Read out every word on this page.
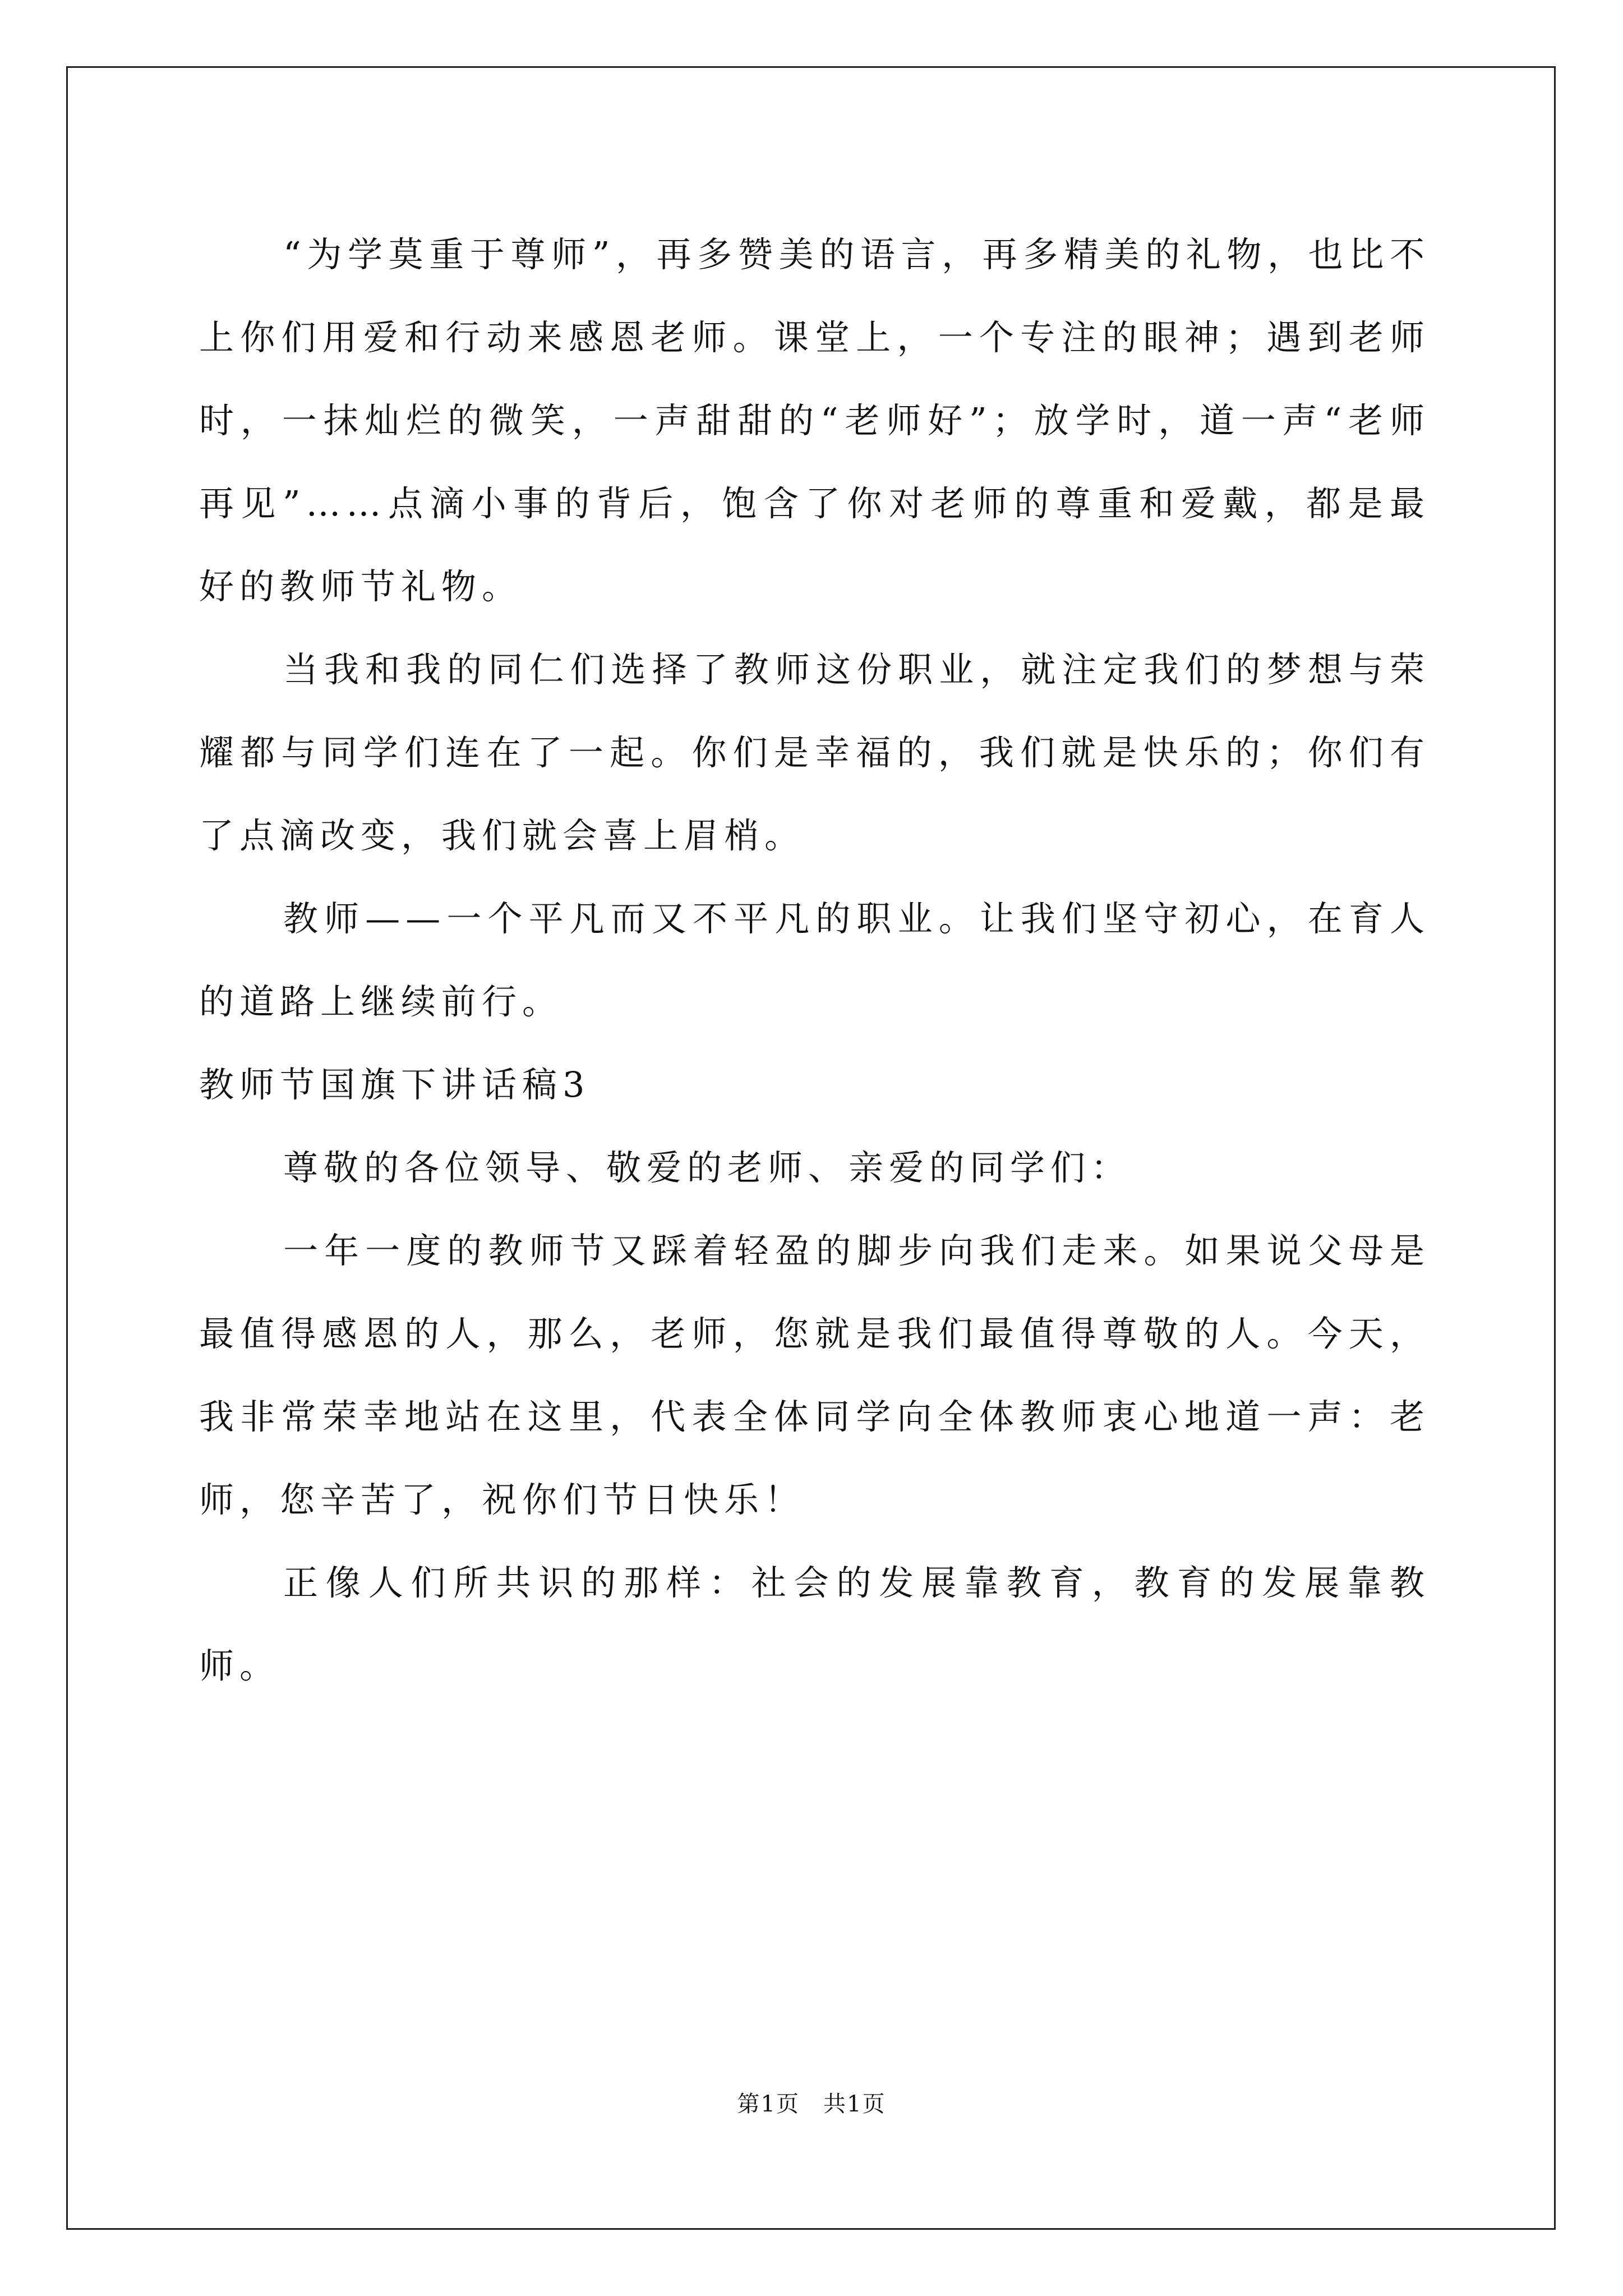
“为学莫重于尊师”，再多赞美的语言，再多精美的礼物，也比不上你们用爱和行动来感恩老师。课堂上，一个专注的眼神；遇到老师时，一抹灿烂的微笑，一声甜甜的“老师好”；放学时，道一声“老师再见”……点滴小事的背后，饱含了你对老师的尊重和爱戴，都是最好的教师节礼物。

当我和我的同仁们选择了教师这份职业，就注定我们的梦想与荣耀都与同学们连在了一起。你们是幸福的，我们就是快乐的；你们有了点滴改变，我们就会喜上眉梢。

教师——一个平凡而又不平凡的职业。让我们坚守初心，在育人的道路上继续前行。

教师节国旗下讲话稿3

尊敬的各位领导、敬爱的老师、亲爱的同学们：

一年一度的教师节又踩着轻盈的脚步向我们走来。如果说父母是最值得感恩的人，那么，老师，您就是我们最值得尊敬的人。今天，我非常荣幸地站在这里，代表全体同学向全体教师衷心地道一声：老师，您辛苦了，祝你们节日快乐！

正像人们所共识的那样：社会的发展靠教育，教育的发展靠教师。

第1页　共1页
